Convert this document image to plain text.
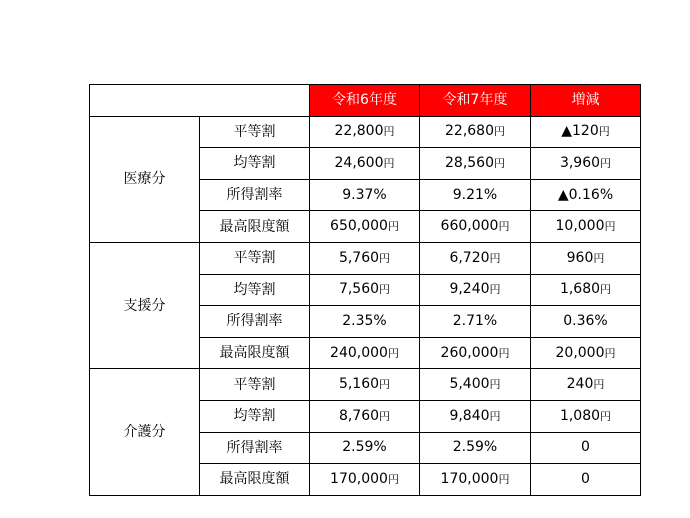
		令和6年度	令和7年度	増減
医療分	平等割	22,800円	22,680円	▲120円
	均等割	24,600円	28,560円	3,960円
	所得割率	9.37%	9.21%	▲0.16%
	最高限度額	650,000円	660,000円	10,000円
支援分	平等割	5,760円	6,720円	960円
	均等割	7,560円	9,240円	1,680円
	所得割率	2.35%	2.71%	0.36%
	最高限度額	240,000円	260,000円	20,000円
介護分	平等割	5,160円	5,400円	240円
	均等割	8,760円	9,840円	1,080円
	所得割率	2.59%	2.59%	0
	最高限度額	170,000円	170,000円	0
